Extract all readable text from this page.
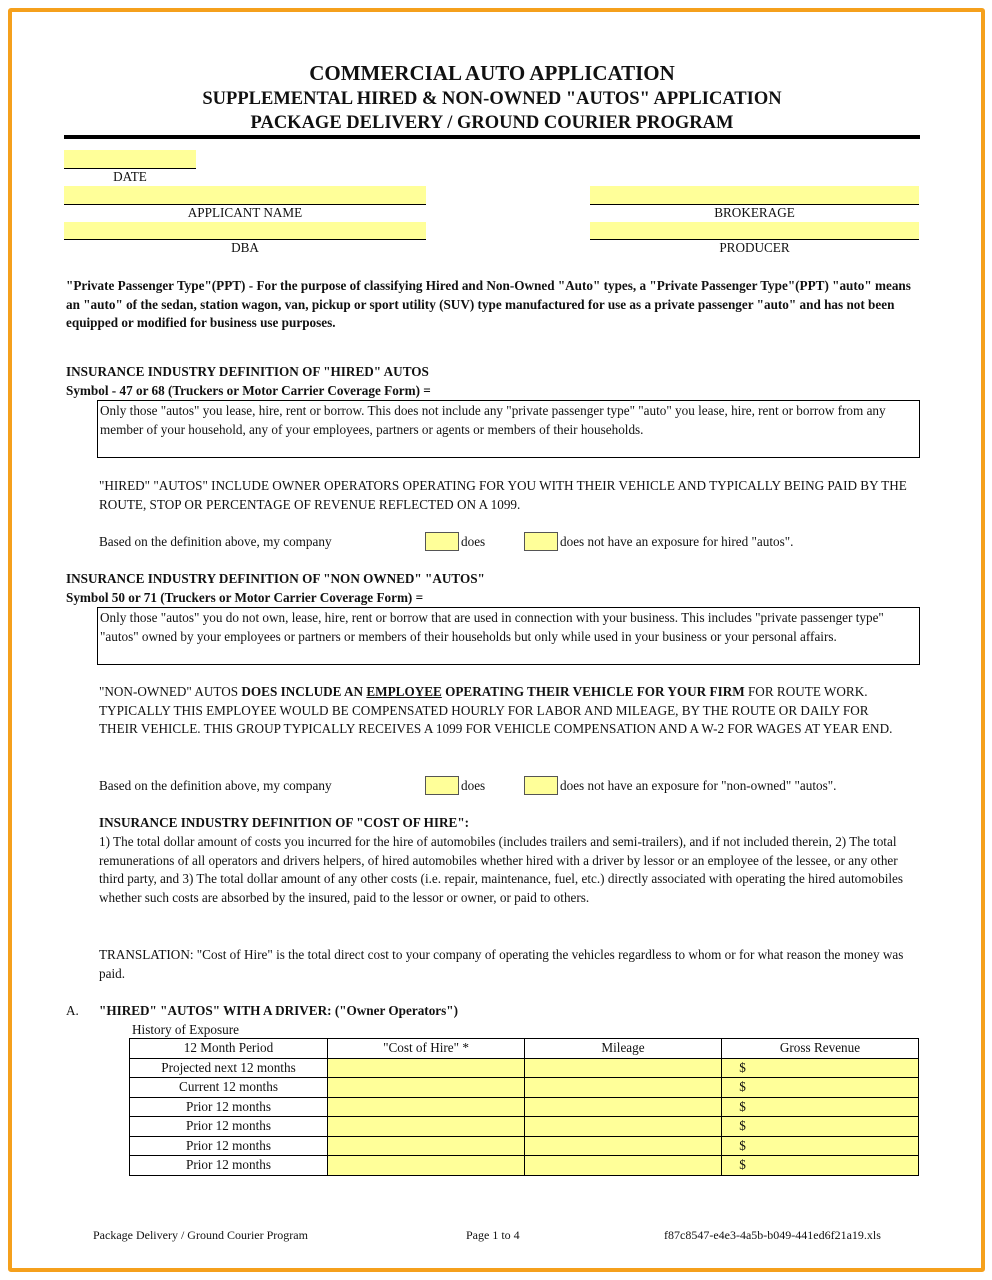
COMMERCIAL AUTO APPLICATION
SUPPLEMENTAL HIRED & NON-OWNED "AUTOS" APPLICATION
PACKAGE DELIVERY / GROUND COURIER PROGRAM
DATE
APPLICANT NAME
DBA
BROKERAGE
PRODUCER
"Private Passenger Type"(PPT) - For the purpose of classifying Hired and Non-Owned "Auto" types, a "Private Passenger Type"(PPT) "auto" means an "auto" of the sedan, station wagon, van, pickup or sport utility (SUV) type manufactured for use as a private passenger "auto" and has not been equipped or modified for business use purposes.
INSURANCE INDUSTRY DEFINITION OF "HIRED" AUTOS
Symbol - 47 or 68 (Truckers or Motor Carrier Coverage Form) =
Only those "autos" you lease, hire, rent or borrow. This does not include any "private passenger type" "auto" you lease, hire, rent or borrow from any member of your household, any of your employees, partners or agents or members of their households.
"HIRED" "AUTOS" INCLUDE OWNER OPERATORS OPERATING FOR YOU WITH THEIR VEHICLE AND TYPICALLY BEING PAID BY THE ROUTE, STOP OR PERCENTAGE OF REVENUE REFLECTED ON A 1099.
Based on the definition above, my company	does	does not have an exposure for hired "autos".
INSURANCE INDUSTRY DEFINITION OF "NON OWNED" "AUTOS"
Symbol 50 or 71 (Truckers or Motor Carrier Coverage Form) =
Only those "autos" you do not own, lease, hire, rent or borrow that are used in connection with your business. This includes "private passenger type" "autos" owned by your employees or partners or members of their households but only while used in your business or your personal affairs.
"NON-OWNED" AUTOS DOES INCLUDE AN EMPLOYEE OPERATING THEIR VEHICLE FOR YOUR FIRM FOR ROUTE WORK. TYPICALLY THIS EMPLOYEE WOULD BE COMPENSATED HOURLY FOR LABOR AND MILEAGE, BY THE ROUTE OR DAILY FOR THEIR VEHICLE. THIS GROUP TYPICALLY RECEIVES A 1099 FOR VEHICLE COMPENSATION AND A W-2 FOR WAGES AT YEAR END.
Based on the definition above, my company	does	does not have an exposure for "non-owned" "autos".
INSURANCE INDUSTRY DEFINITION OF "COST OF HIRE":
1) The total dollar amount of costs you incurred for the hire of automobiles (includes trailers and semi-trailers), and if not included therein, 2) The total remunerations of all operators and drivers helpers, of hired automobiles whether hired with a driver by lessor or an employee of the lessee, or any other third party, and 3) The total dollar amount of any other costs (i.e. repair, maintenance, fuel, etc.) directly associated with operating the hired automobiles whether such costs are absorbed by the insured, paid to the lessor or owner, or paid to others.
TRANSLATION: "Cost of Hire" is the total direct cost to your company of operating the vehicles regardless to whom or for what reason the money was paid.
A. "HIRED" "AUTOS" WITH A DRIVER: ("Owner Operators")
History of Exposure
12 Month Period	"Cost of Hire" *	Mileage	Gross Revenue
Projected next 12 months			$
Current 12 months			$
Prior 12 months			$
Prior 12 months			$
Prior 12 months			$
Prior 12 months			$
Package Delivery / Ground Courier Program	Page 1 to 4	f87c8547-e4e3-4a5b-b049-441ed6f21a19.xls
